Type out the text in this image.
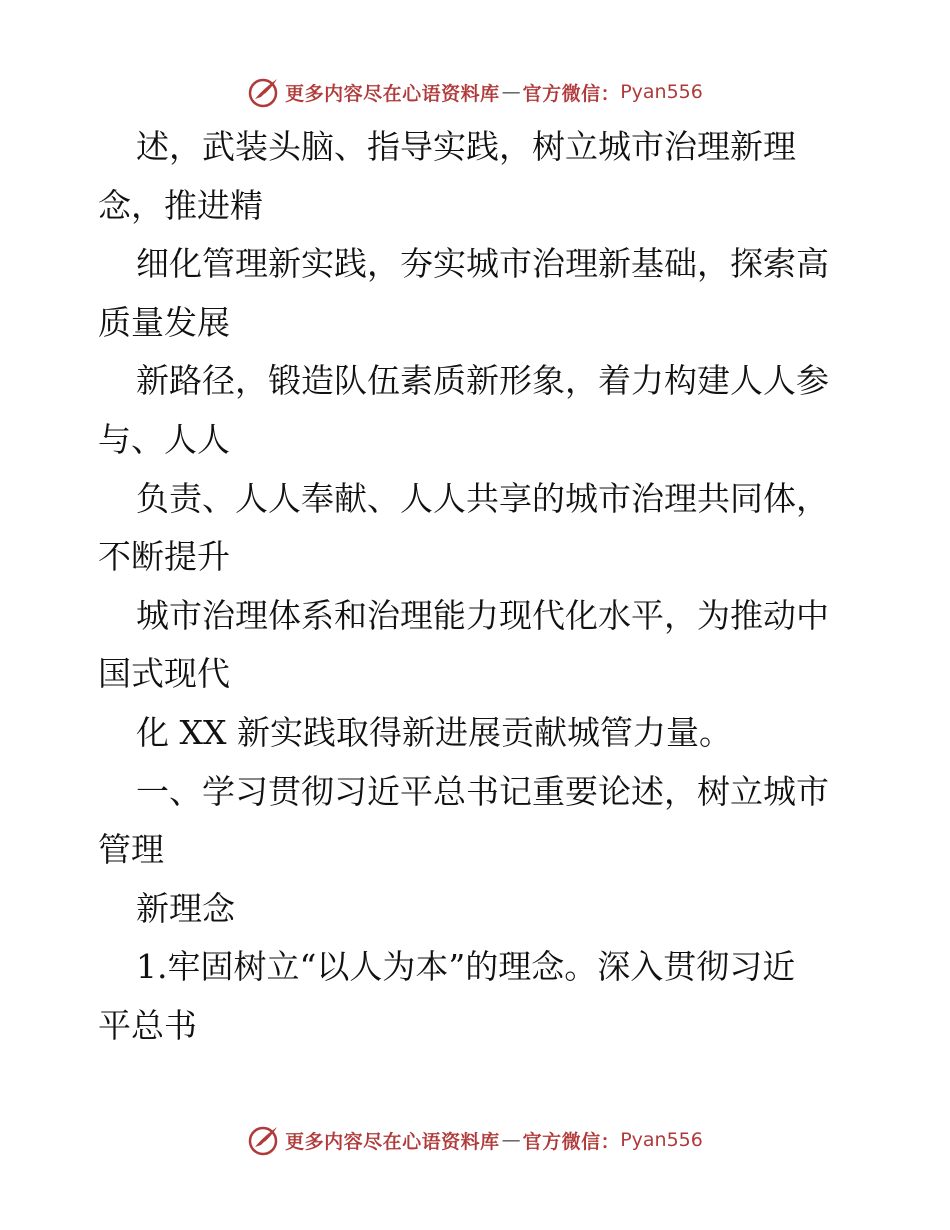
更多内容尽在心语资料库 — 官方微信： Pyan556
述，武装头脑、指导实践，树立城市治理新理
念，推进精
细化管理新实践，夯实城市治理新基础，探索高
质量发展
新路径，锻造队伍素质新形象，着力构建人人参
与、人人
负责、人人奉献、人人共享的城市治理共同体，
不断提升
城市治理体系和治理能力现代化水平，为推动中
国式现代
化 XX 新实践取得新进展贡献城管力量。
一、学习贯彻习近平总书记重要论述，树立城市
管理
新理念
1.牢固树立“以人为本”的理念。深入贯彻习近
平总书
更多内容尽在心语资料库 — 官方微信： Pyan556
